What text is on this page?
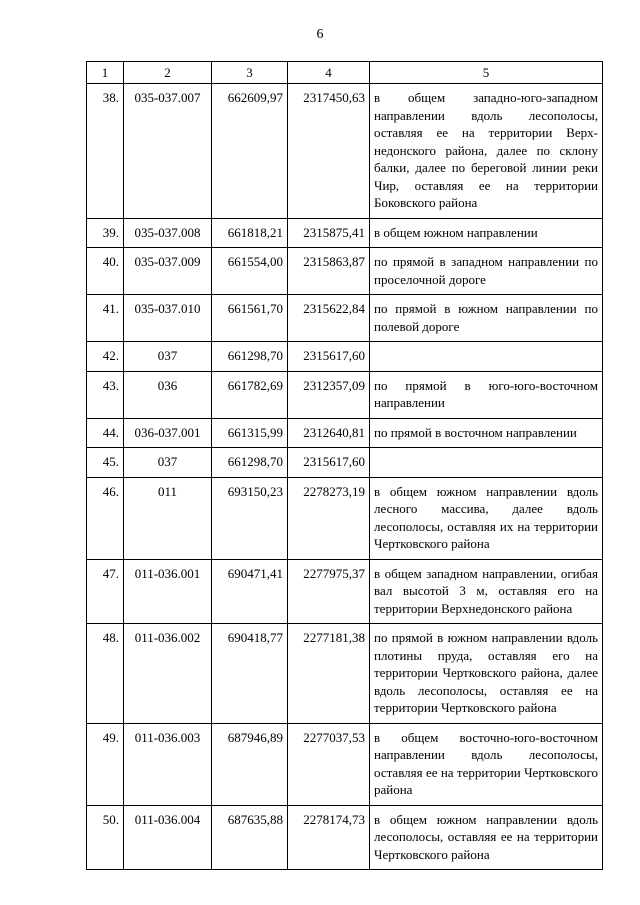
6
1	2	3	4	5
38.	035-037.007	662609,97	2317450,63	в общем западно-юго-западном направлении вдоль лесополосы, оставляя ее на территории Верхнедонского района, далее по склону балки, далее по береговой линии реки Чир, оставляя ее на территории Боковского района
39.	035-037.008	661818,21	2315875,41	в общем южном направлении
40.	035-037.009	661554,00	2315863,87	по прямой в западном направлении по проселочной дороге
41.	035-037.010	661561,70	2315622,84	по прямой в южном направлении по полевой дороге
42.	037	661298,70	2315617,60	
43.	036	661782,69	2312357,09	по прямой в юго-юго-восточном направлении
44.	036-037.001	661315,99	2312640,81	по прямой в восточном направлении
45.	037	661298,70	2315617,60	
46.	011	693150,23	2278273,19	в общем южном направлении вдоль лесного массива, далее вдоль лесополосы, оставляя их на территории Чертковского района
47.	011-036.001	690471,41	2277975,37	в общем западном направлении, огибая вал высотой 3 м, оставляя его на территории Верхнедонского района
48.	011-036.002	690418,77	2277181,38	по прямой в южном направлении вдоль плотины пруда, оставляя его на территории Чертковского района, далее вдоль лесополосы, оставляя ее на территории Чертковского района
49.	011-036.003	687946,89	2277037,53	в общем восточно-юго-восточном направлении вдоль лесополосы, оставляя ее на территории Чертковского района
50.	011-036.004	687635,88	2278174,73	в общем южном направлении вдоль лесополосы, оставляя ее на территории Чертковского района
